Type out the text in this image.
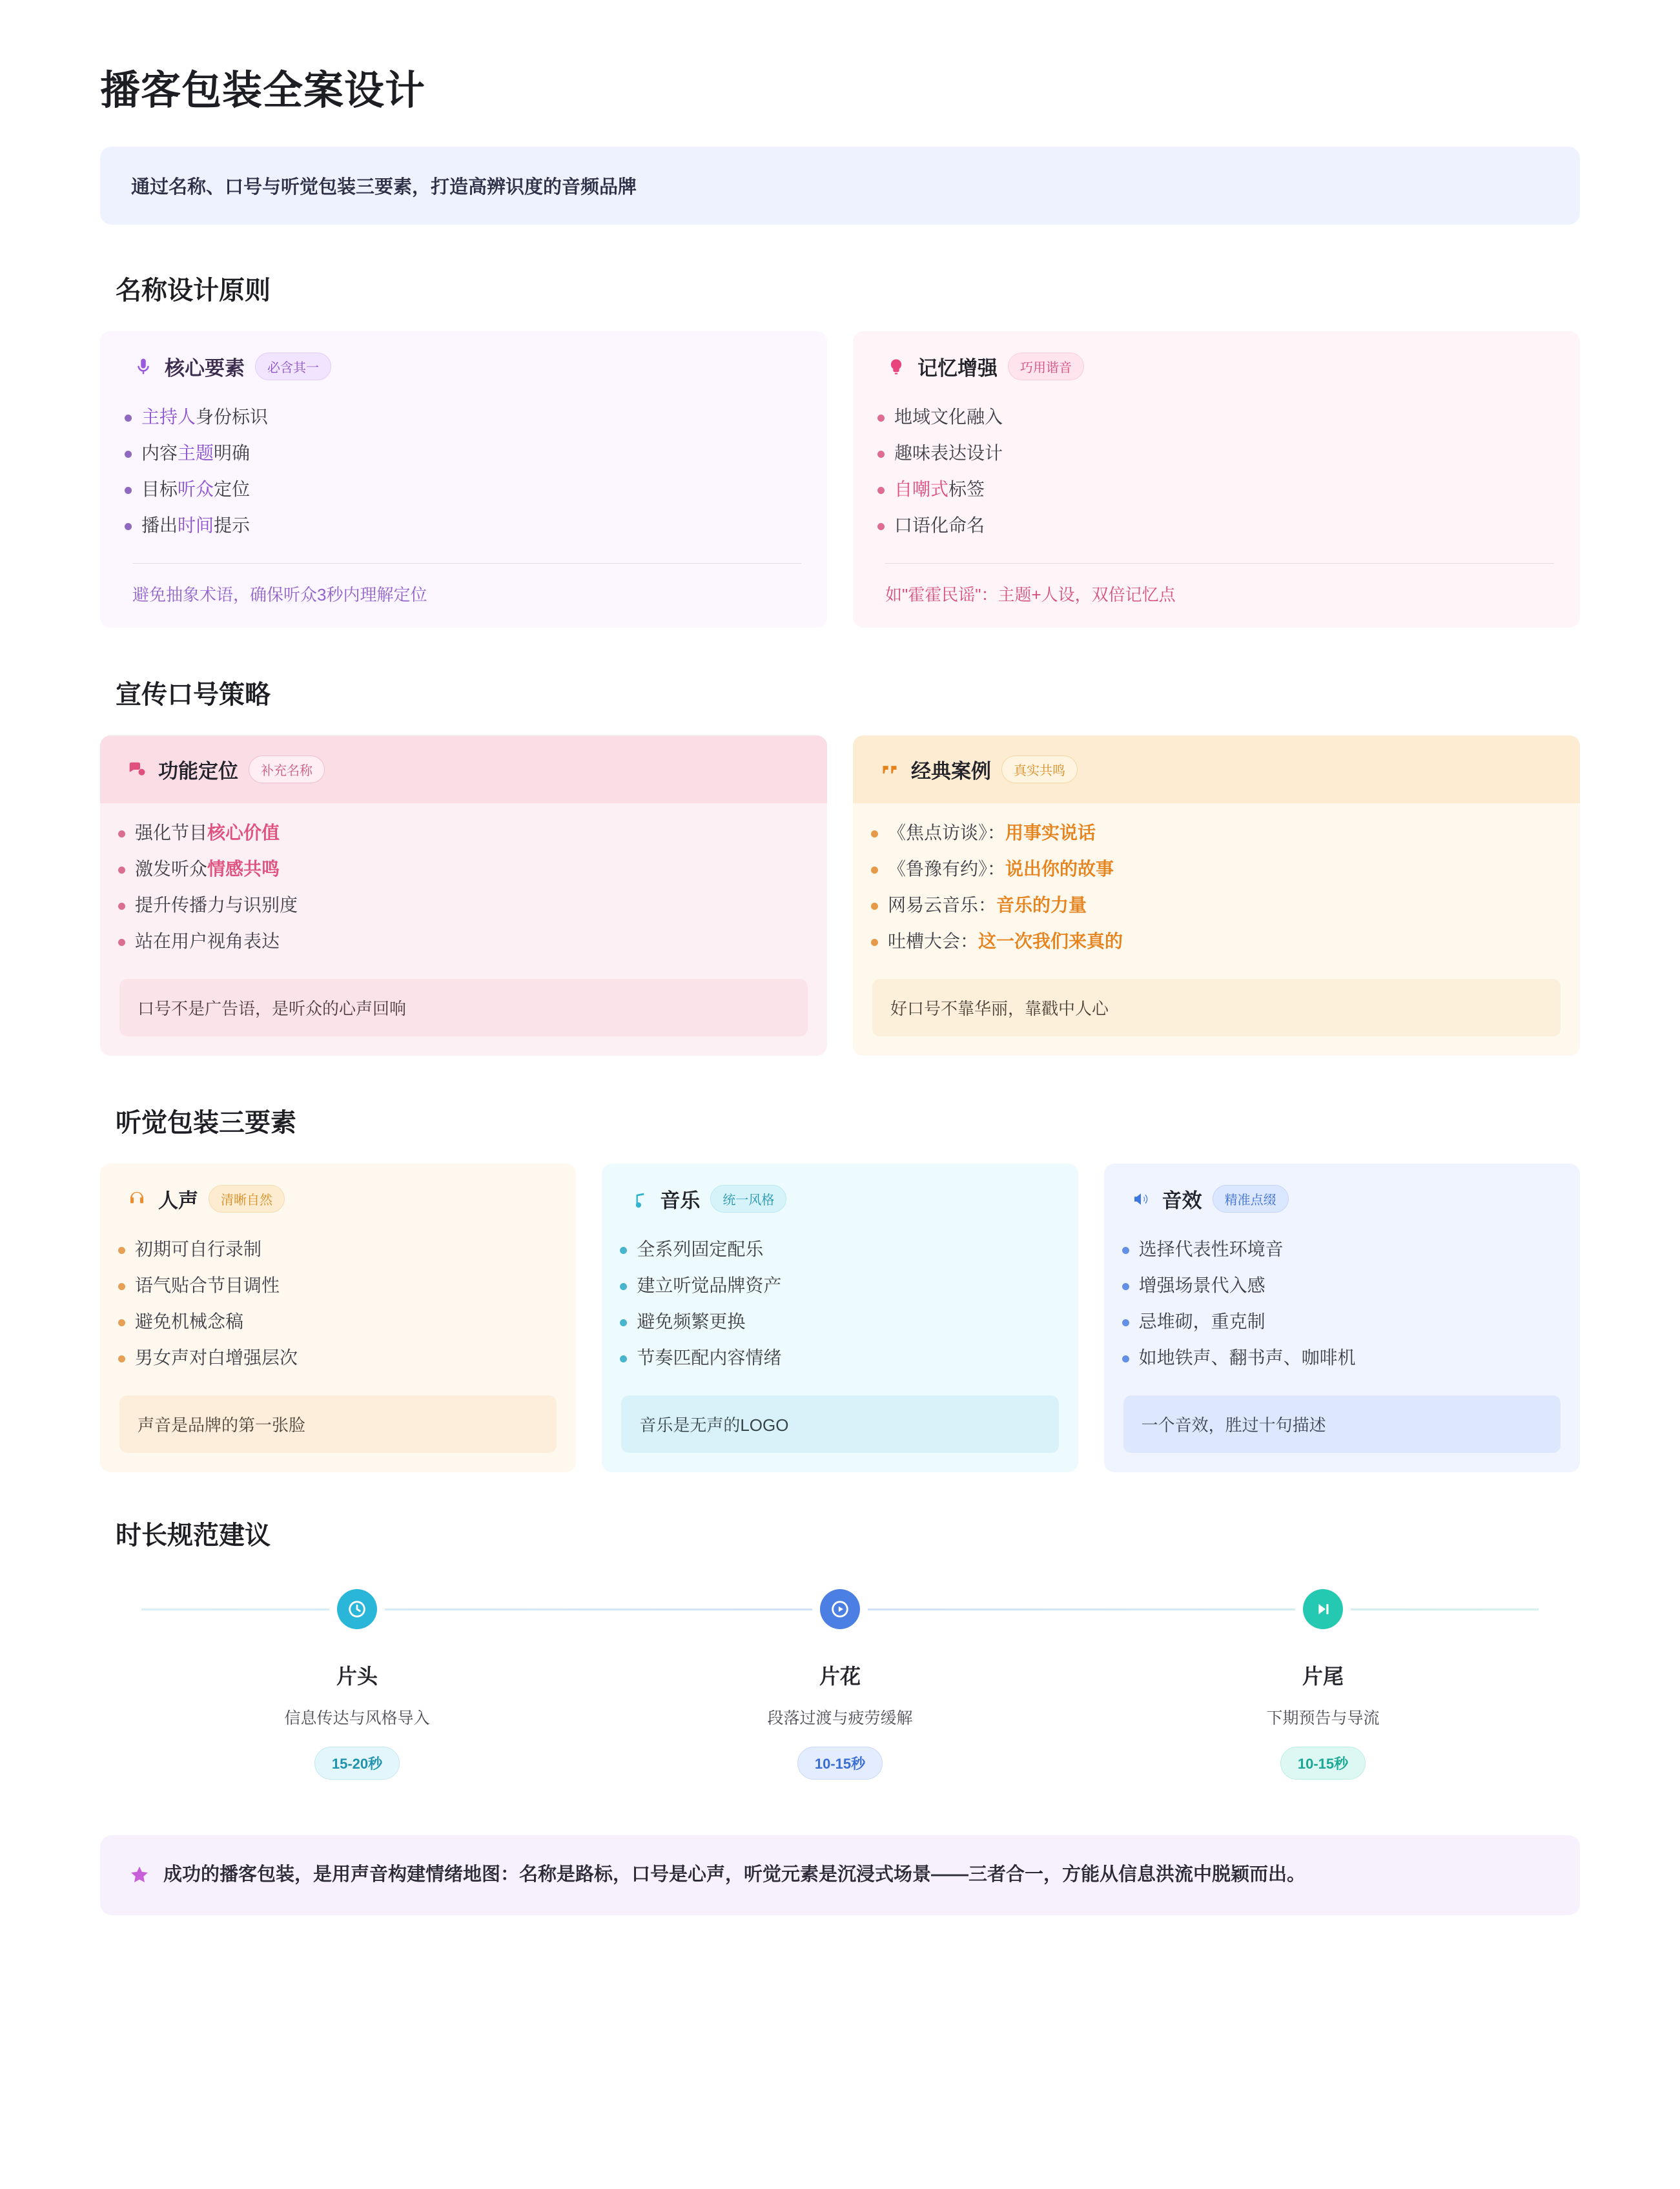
播客包装全案设计
通过名称、口号与听觉包装三要素，打造高辨识度的音频品牌
名称设计原则
核心要素	必含其一
主持人身份标识
内容主题明确
目标听众定位
播出时间提示
避免抽象术语，确保听众3秒内理解定位
记忆增强	巧用谐音
地域文化融入
趣味表达设计
自嘲式标签
口语化命名
如"霍霍民谣"：主题+人设，双倍记忆点
宣传口号策略
功能定位	补充名称
强化节目核心价值
激发听众情感共鸣
提升传播力与识别度
站在用户视角表达
口号不是广告语，是听众的心声回响
经典案例	真实共鸣
《焦点访谈》：用事实说话
《鲁豫有约》：说出你的故事
网易云音乐：音乐的力量
吐槽大会：这一次我们来真的
好口号不靠华丽，靠戳中人心
听觉包装三要素
人声	清晰自然
初期可自行录制
语气贴合节目调性
避免机械念稿
男女声对白增强层次
声音是品牌的第一张脸
音乐	统一风格
全系列固定配乐
建立听觉品牌资产
避免频繁更换
节奏匹配内容情绪
音乐是无声的LOGO
音效	精准点缀
选择代表性环境音
增强场景代入感
忌堆砌，重克制
如地铁声、翻书声、咖啡机
一个音效，胜过十句描述
时长规范建议
片头
信息传达与风格导入
15-20秒
片花
段落过渡与疲劳缓解
10-15秒
片尾
下期预告与导流
10-15秒
成功的播客包装，是用声音构建情绪地图：名称是路标，口号是心声，听觉元素是沉浸式场景——三者合一，方能从信息洪流中脱颖而出。
